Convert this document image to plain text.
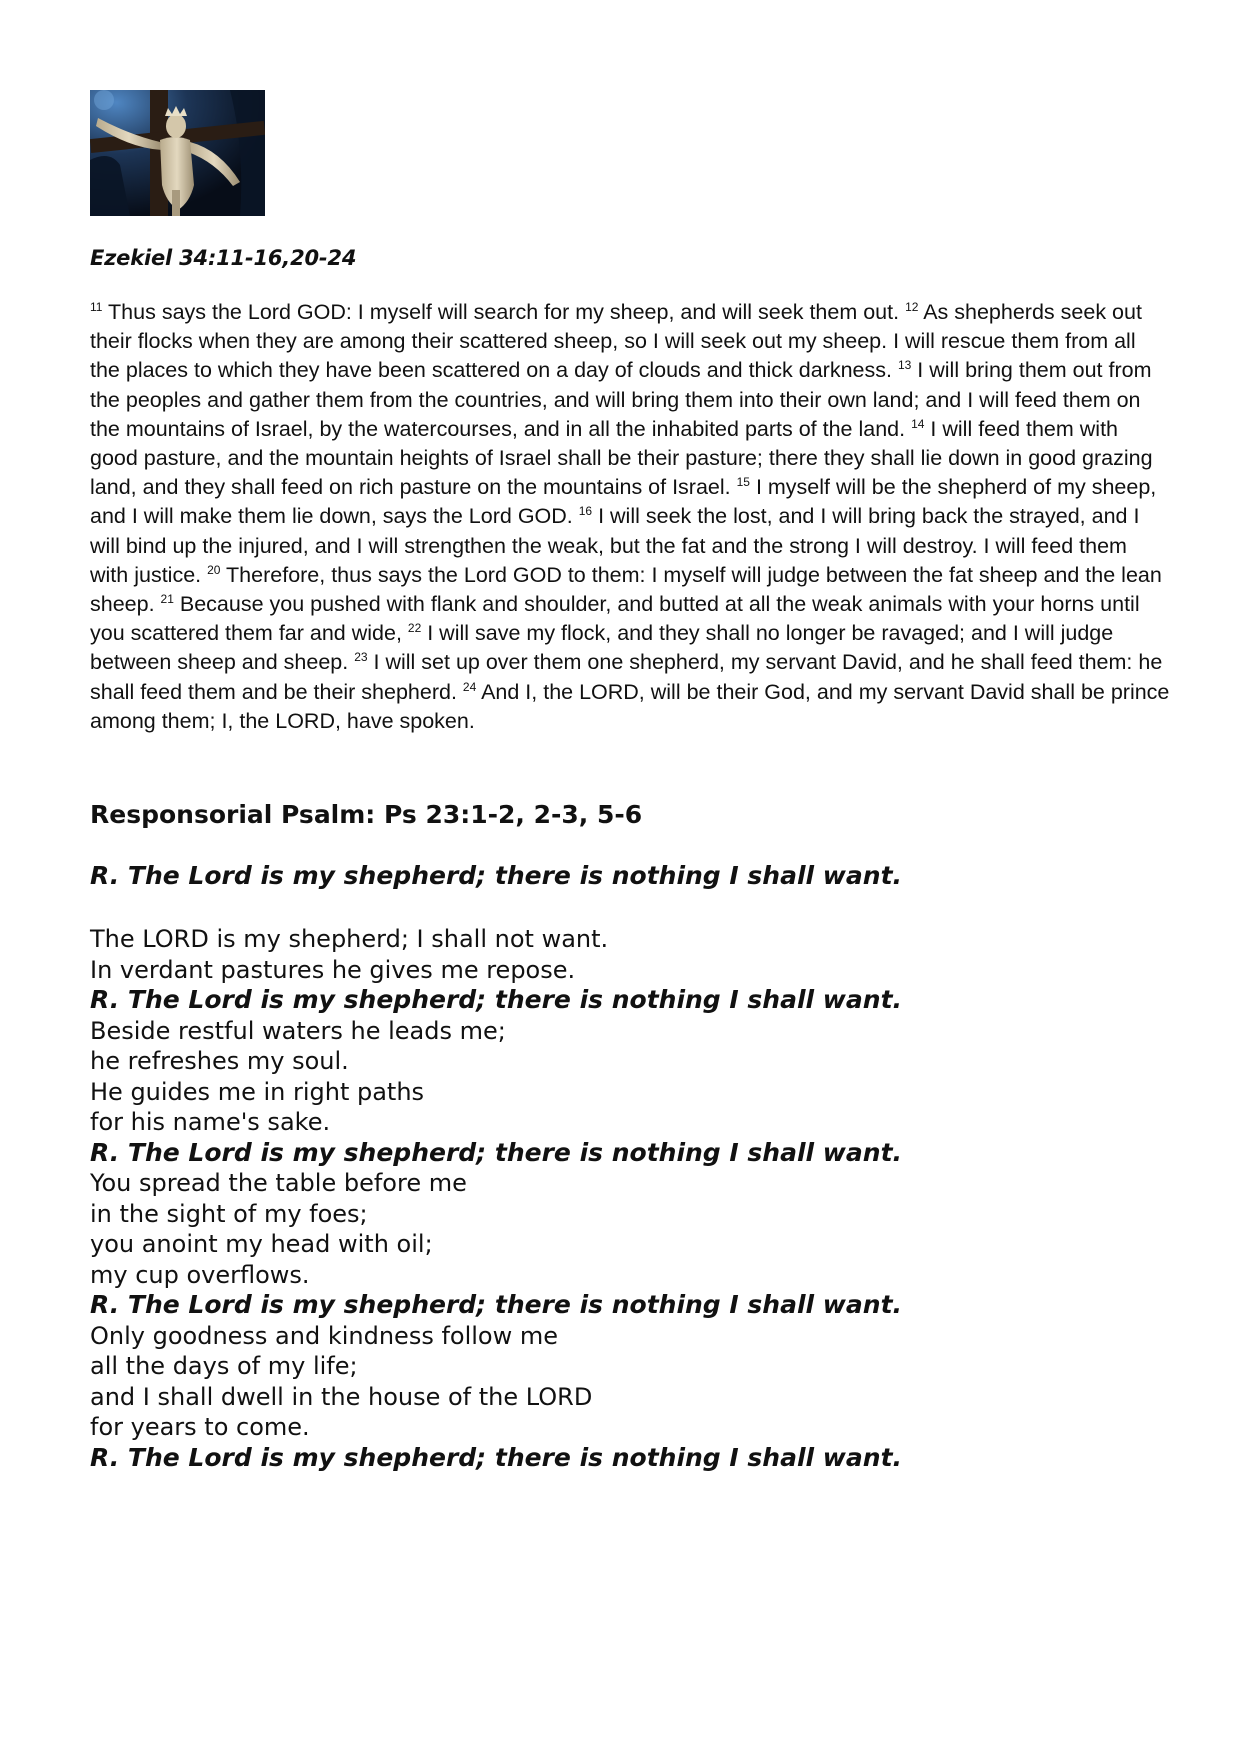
Ezekiel 34:11-16,20-24
$^{11}$ Thus says the Lord GOD: I myself will search for my sheep, and will seek them out. $^{12}$ As shepherds seek out their flocks when they are among their scattered sheep, so I will seek out my sheep. I will rescue them from all the places to which they have been scattered on a day of clouds and thick darkness. $^{13}$ I will bring them out from the peoples and gather them from the countries, and will bring them into their own land; and I will feed them on the mountains of Israel, by the watercourses, and in all the inhabited parts of the land. $^{14}$ I will feed them with good pasture, and the mountain heights of Israel shall be their pasture; there they shall lie down in good grazing land, and they shall feed on rich pasture on the mountains of Israel. $^{15}$ I myself will be the shepherd of my sheep, and I will make them lie down, says the Lord GOD. $^{16}$ I will seek the lost, and I will bring back the strayed, and I will bind up the injured, and I will strengthen the weak, but the fat and the strong I will destroy. I will feed them with justice. $^{20}$ Therefore, thus says the Lord GOD to them: I myself will judge between the fat sheep and the lean sheep. $^{21}$ Because you pushed with flank and shoulder, and butted at all the weak animals with your horns until you scattered them far and wide, $^{22}$ I will save my flock, and they shall no longer be ravaged; and I will judge between sheep and sheep. $^{23}$ I will set up over them one shepherd, my servant David, and he shall feed them: he shall feed them and be their shepherd. $^{24}$ And I, the LORD, will be their God, and my servant David shall be prince among them; I, the LORD, have spoken.
Responsorial Psalm: Ps 23:1-2, 2-3, 5-6
R. The Lord is my shepherd; there is nothing I shall want.
The LORD is my shepherd; I shall not want.
In verdant pastures he gives me repose.
R. The Lord is my shepherd; there is nothing I shall want.
Beside restful waters he leads me;
he refreshes my soul.
He guides me in right paths
for his name's sake.
R. The Lord is my shepherd; there is nothing I shall want.
You spread the table before me
in the sight of my foes;
you anoint my head with oil;
my cup overflows.
R. The Lord is my shepherd; there is nothing I shall want.
Only goodness and kindness follow me
all the days of my life;
and I shall dwell in the house of the LORD
for years to come.
R. The Lord is my shepherd; there is nothing I shall want.
